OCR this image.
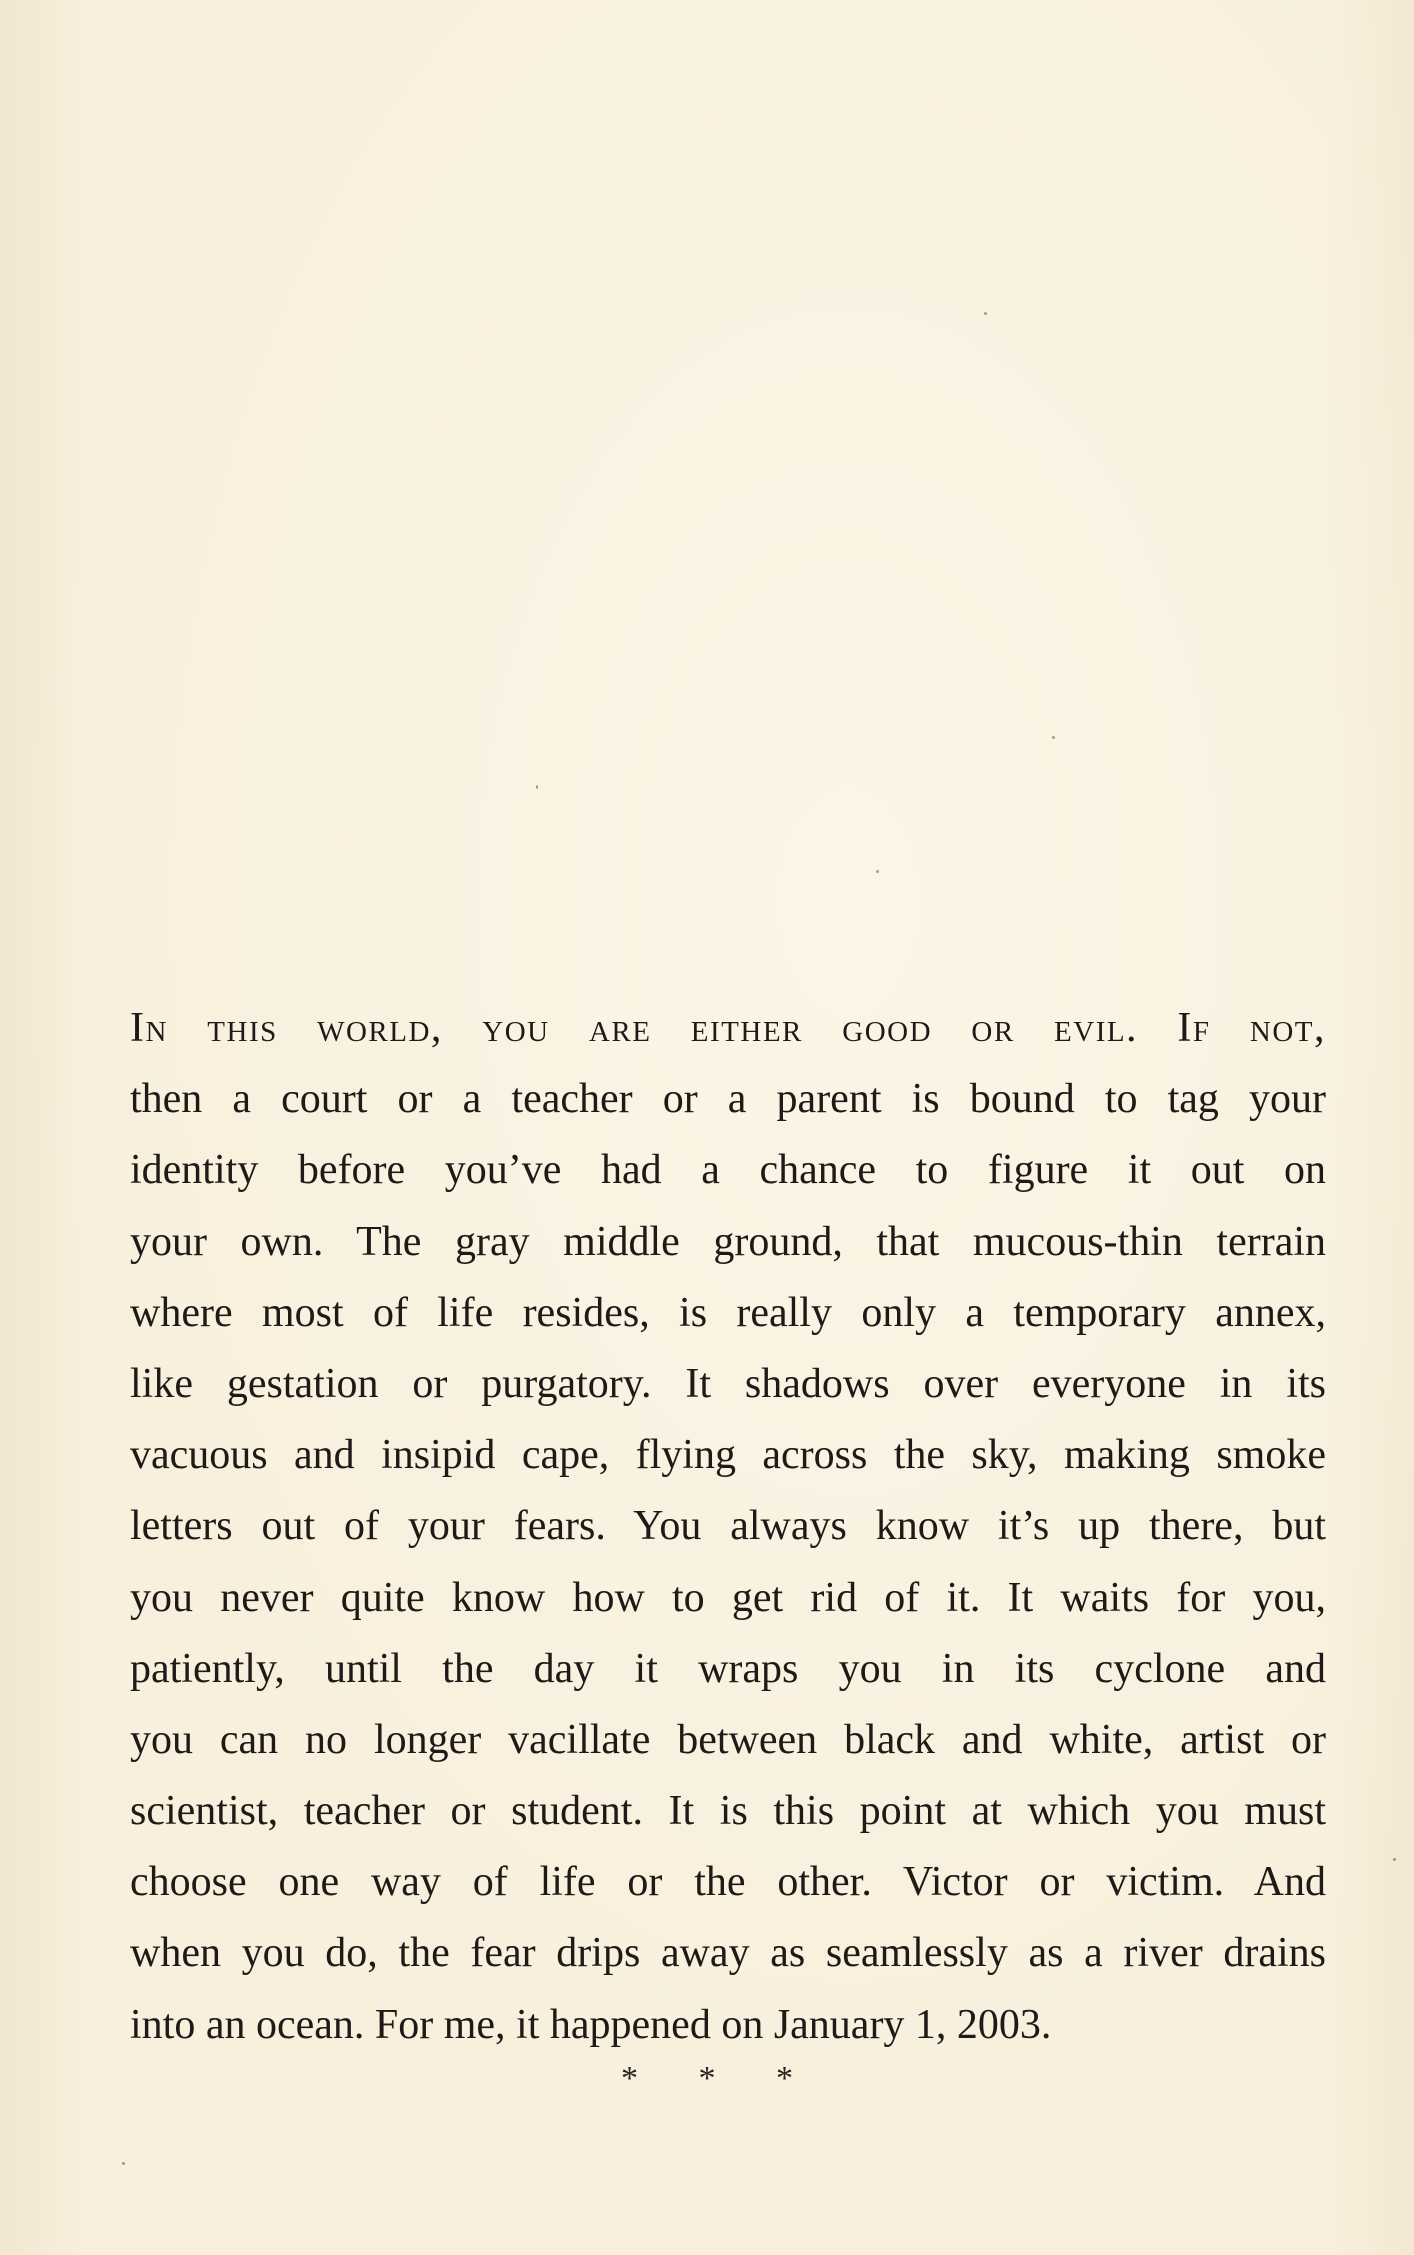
In this world, you are either good or evil. If not,
then a court or a teacher or a parent is bound to tag your
identity before you’ve had a chance to figure it out on
your own. The gray middle ground, that mucous-thin terrain
where most of life resides, is really only a temporary annex,
like gestation or purgatory. It shadows over everyone in its
vacuous and insipid cape, flying across the sky, making smoke
letters out of your fears. You always know it’s up there, but
you never quite know how to get rid of it. It waits for you,
patiently, until the day it wraps you in its cyclone and
you can no longer vacillate between black and white, artist or
scientist, teacher or student. It is this point at which you must
choose one way of life or the other. Victor or victim. And
when you do, the fear drips away as seamlessly as a river drains
into an ocean. For me, it happened on January 1, 2003.
* * *
